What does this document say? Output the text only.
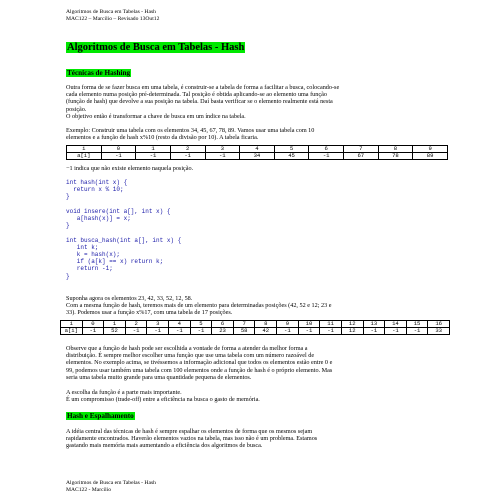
Algoritmos de Busca em Tabelas - Hash
MAC122 – Marcilio – Revisado 13Out12
Algoritmos de Busca em Tabelas - Hash
Técnicas de Hashing
Outra forma de se fazer busca em uma tabela, é construir-se a tabela de forma a facilitar a busca, colocando-se
cada elemento numa posição pré-determinada. Tal posição é obtida aplicando-se ao elemento uma função
(função de hash) que devolve a sua posição na tabela. Daí basta verificar se o elemento realmente está nesta
posição.
O objetivo então é transformar a chave de busca em um índice na tabela.
Exemplo: Construir uma tabela com os elementos 34, 45, 67, 78, 89. Vamos usar uma tabela com 10
elementos e a função de hash x%10 (resto da divisão por 10). A tabela ficaria.
i	0	1	2	3	4	5	6	7	8	9
a[i]	-1	-1	-1	-1	34	45	-1	67	78	89
−1 indica que não existe elemento naquela posição.
int hash(int x) {
return x % 10;
}

void insere(int a[], int x) {
a[hash(x)] = x;
}

int busca_hash(int a[], int x) {
int k;
k = hash(x);
if (a[k] == x) return k;
return -1;
}
Suponha agora os elementos 23, 42, 33, 52, 12, 58.
Com a mesma função de hash, teremos mais de um elemento para determinadas posições (42, 52 e 12; 23 e
33). Podemos usar a função x%17, com uma tabela de 17 posições.
i	0	1	2	3	4	5	6	7	8	9	10	11	12	13	14	15	16
a[i]	-1	52	-1	-1	-1	-1	23	58	42	-1	-1	-1	12	-1	-1	-1	33
Observe que a função de hash pode ser escolhida a vontade de forma a atender da melhor forma a
distribuição. É sempre melhor escolher uma função que use uma tabela com um número razoável de
elementos. No exemplo acima, se tivéssemos a informação adicional que todos os elementos estão entre 0 e
99, podemos usar também uma tabela com 100 elementos onde a função de hash é o próprio elemento. Mas
seria uma tabela muito grande para uma quantidade pequena de elementos.
A escolha da função é a parte mais importante.
É um compromisso (trade-off) entre a eficiência na busca o gasto de memória.
Hash e Espalhamento
A idéia central das técnicas de hash é sempre espalhar os elementos de forma que os mesmos sejam
rapidamente encontrados. Haverão elementos vazios na tabela, mas isso não é um problema. Estamos
gastando mais memória mais aumentando a eficiência dos algoritmos de busca.
Algoritmos de Busca em Tabelas - Hash
MAC122 - Marcilio
